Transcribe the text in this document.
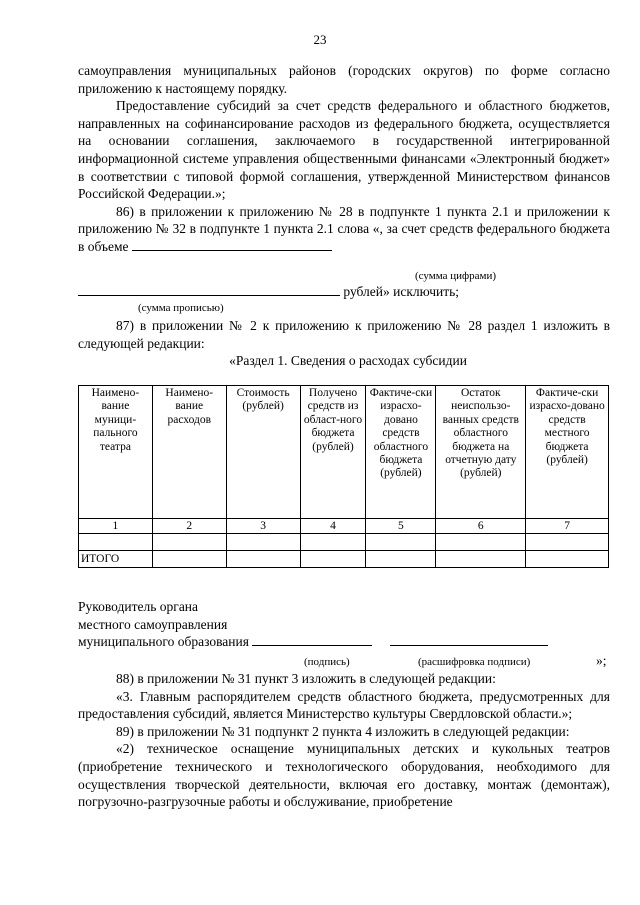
23

самоуправления муниципальных районов (городских округов) по форме согласно приложению к настоящему порядку.

Предоставление субсидий за счет средств федерального и областного бюджетов, направленных на софинансирование расходов из федерального бюджета, осуществляется на основании соглашения, заключаемого в государственной интегрированной информационной системе управления общественными финансами «Электронный бюджет» в соответствии с типовой формой соглашения, утвержденной Министерством финансов Российской Федерации.»;

86) в приложении к приложению № 28 в подпункте 1 пункта 2.1 и приложении к приложению № 32 в подпункте 1 пункта 2.1 слова «, за счет средств федерального бюджета в объеме

(сумма цифрами)

рублей» исключить;

(сумма прописью)

87) в приложении № 2 к приложению к приложению № 28 раздел 1 изложить в следующей редакции:

«Раздел 1. Сведения о расходах субсидии
Наимено-вание муници-пального театра	Наимено-вание расходов	Стоимость (рублей)	Получено средств из област-ного бюджета (рублей)	Фактиче-ски израсхо-довано средств областного бюджета (рублей)	Остаток неиспользо-ванных средств областного бюджета на отчетную дату (рублей)	Фактиче-ски израсхо-довано средств местного бюджета (рублей)
1	2	3	4	5	6	7

ИТОГО						

Руководитель органа

местного самоуправления

муниципального образования

(подпись)	(расшифровка подписи)	»;

88) в приложении № 31 пункт 3 изложить в следующей редакции:

«3. Главным распорядителем средств областного бюджета, предусмотренных для предоставления субсидий, является Министерство культуры Свердловской области.»;

89) в приложении № 31 подпункт 2 пункта 4 изложить в следующей редакции:

«2) техническое оснащение муниципальных детских и кукольных театров (приобретение технического и технологического оборудования, необходимого для осуществления творческой деятельности, включая его доставку, монтаж (демонтаж), погрузочно-разгрузочные работы и обслуживание, приобретение
